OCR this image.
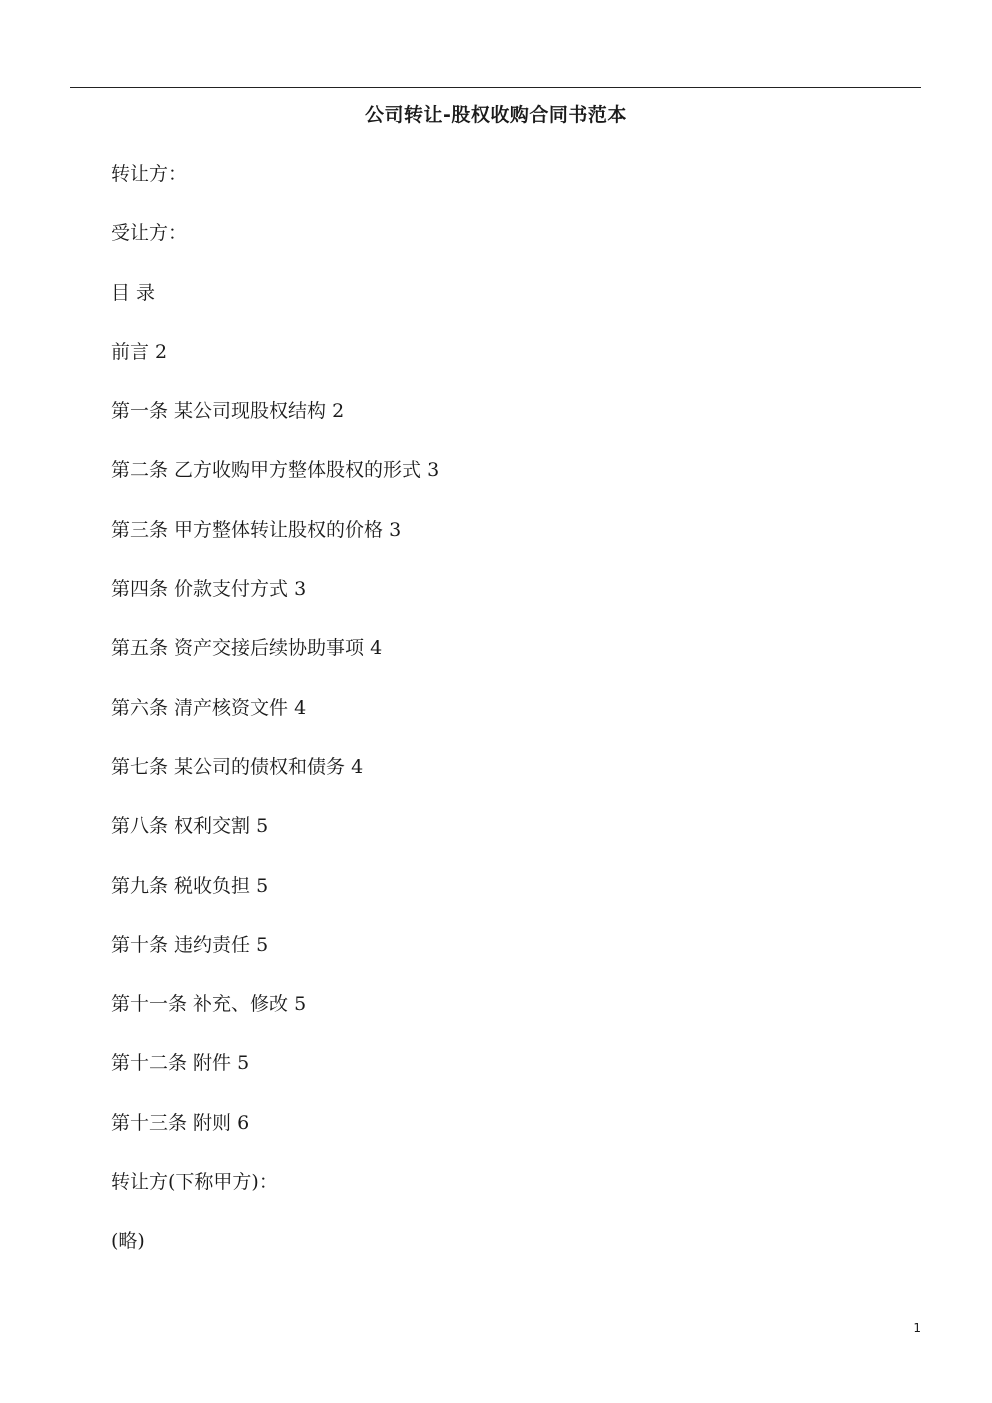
公司转让-股权收购合同书范本
转让方：
受让方：
目 录
前言 2
第一条 某公司现股权结构 2
第二条 乙方收购甲方整体股权的形式 3
第三条 甲方整体转让股权的价格 3
第四条 价款支付方式 3
第五条 资产交接后续协助事项 4
第六条 清产核资文件 4
第七条 某公司的债权和债务 4
第八条 权利交割 5
第九条 税收负担 5
第十条 违约责任 5
第十一条 补充、修改 5
第十二条 附件 5
第十三条 附则 6
转让方(下称甲方)：
(略)
1
